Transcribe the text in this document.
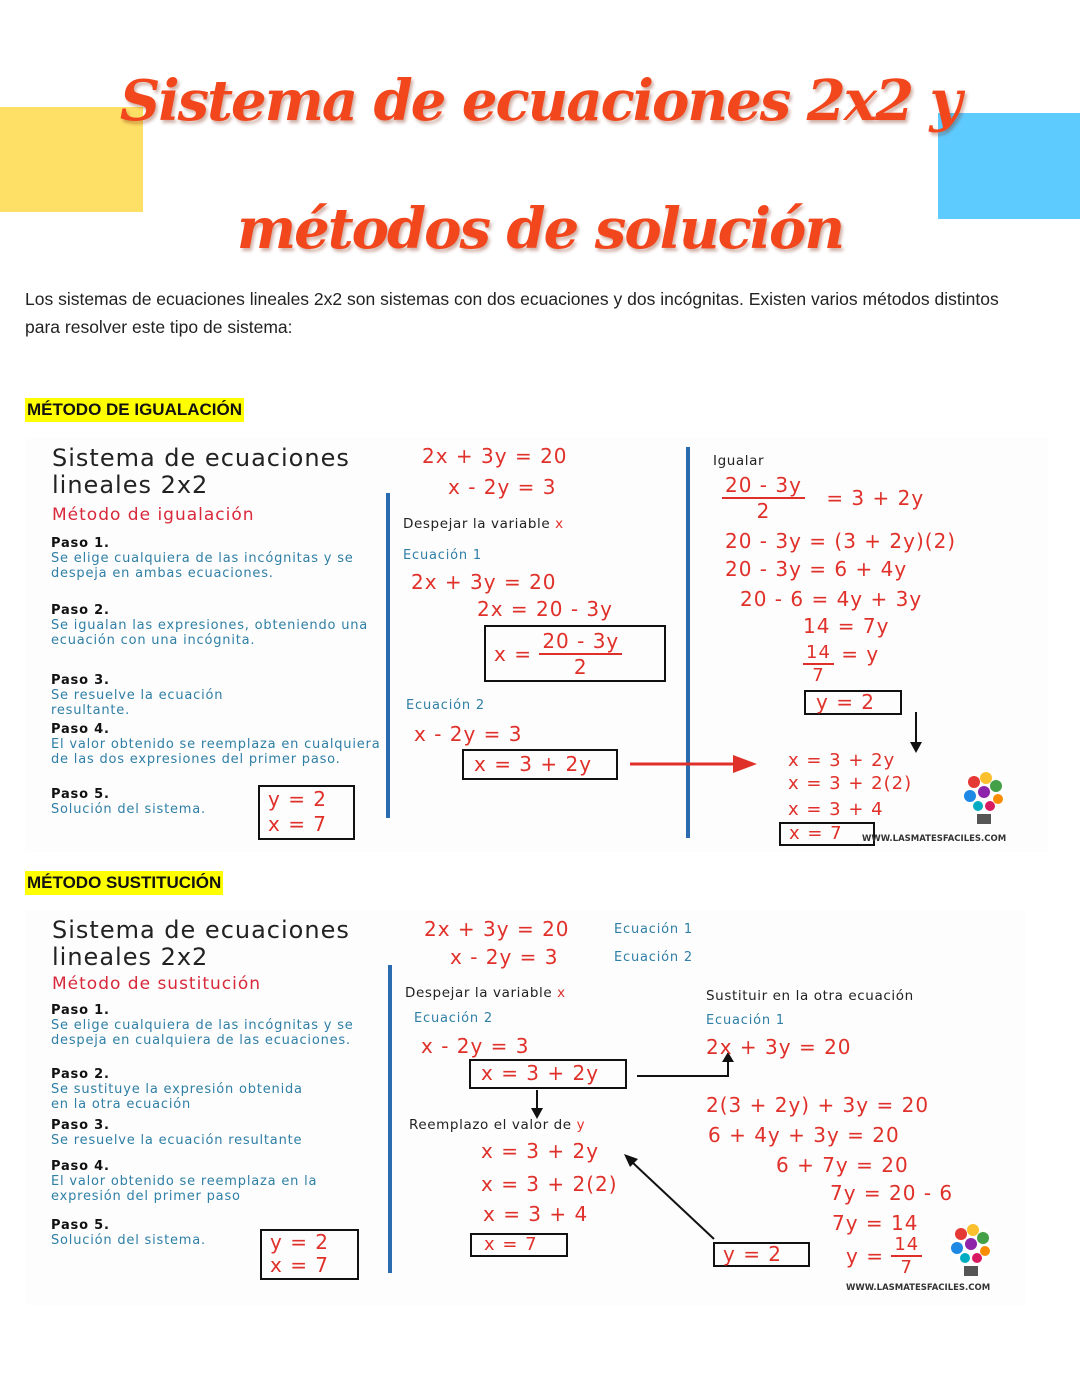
Sistema de ecuaciones 2x2 y
métodos de solución
Los sistemas de ecuaciones lineales 2x2 son sistemas con dos ecuaciones y dos incógnitas. Existen varios métodos distintos para resolver este tipo de sistema:
MÉTODO DE IGUALACIÓN
Sistema de ecuaciones lineales 2x2
Método de igualación
Paso 1.
Se elige cualquiera de las incógnitas y se despeja en ambas ecuaciones.
Paso 2.
Se igualan las expresiones, obteniendo una ecuación con una incógnita.
Paso 3.
Se resuelve la ecuación resultante.
Paso 4.
El valor obtenido se reemplaza en cualquiera de las dos expresiones del primer paso.
Paso 5.
Solución del sistema.	y = 2
x = 7
2x + 3y = 20
x - 2y = 3
Despejar la variable x
Ecuación 1
2x + 3y = 20
2x = 20 - 3y
$x = \frac{20 - 3y}{2}$
Ecuación 2
x - 2y = 3
x = 3 + 2y
Igualar
$\frac{20 - 3y}{2} = 3 + 2y$
20 - 3y = (3 + 2y)(2)
20 - 3y = 6 + 4y
20 - 6 = 4y + 3y
14 = 7y
$\frac{14}{7} = y$
y = 2
x = 3 + 2y
x = 3 + 2(2)
x = 3 + 4
x = 7	WWW.LASMATESFACILES.COM
MÉTODO SUSTITUCIÓN
Sistema de ecuaciones lineales 2x2
Método de sustitución
Paso 1.
Se elige cualquiera de las incógnitas y se despeja en cualquiera de las ecuaciones.
Paso 2.
Se sustituye la expresión obtenida en la otra ecuación
Paso 3.
Se resuelve la ecuación resultante
Paso 4.
El valor obtenido se reemplaza en la expresión del primer paso
Paso 5.
Solución del sistema.	y = 2
x = 7
2x + 3y = 20	Ecuación 1
x - 2y = 3	Ecuación 2
Despejar la variable x
Ecuación 2
x - 2y = 3
x = 3 + 2y
Reemplazo el valor de y
x = 3 + 2y
x = 3 + 2(2)
x = 3 + 4
x = 7
Sustituir en la otra ecuación
Ecuación 1
2x + 3y = 20
2(3 + 2y) + 3y = 20
6 + 4y + 3y = 20
6 + 7y = 20
7y = 20 - 6
7y = 14
$y = \frac{14}{7}$
y = 2
WWW.LASMATESFACILES.COM
